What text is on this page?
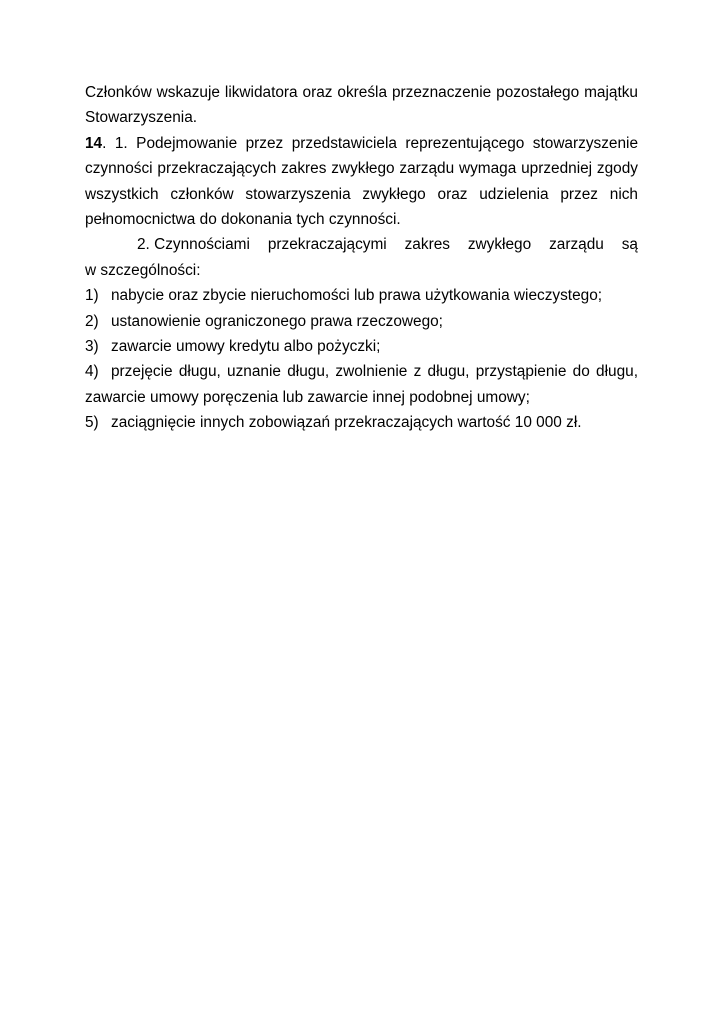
Członków wskazuje likwidatora oraz określa przeznaczenie pozostałego majątku
Stowarzyszenia.
14. 1. Podejmowanie przez przedstawiciela reprezentującego stowarzyszenie
czynności przekraczających zakres zwykłego zarządu wymaga uprzedniej zgody
wszystkich członków stowarzyszenia zwykłego oraz udzielenia przez nich
pełnomocnictwa do dokonania tych czynności.
2. Czynnościami przekraczającymi zakres zwykłego zarządu są
w szczególności:
1) nabycie oraz zbycie nieruchomości lub prawa użytkowania wieczystego;
2) ustanowienie ograniczonego prawa rzeczowego;
3) zawarcie umowy kredytu albo pożyczki;
4) przejęcie długu, uznanie długu, zwolnienie z długu, przystąpienie do długu,
zawarcie umowy poręczenia lub zawarcie innej podobnej umowy;
5) zaciągnięcie innych zobowiązań przekraczających wartość 10 000 zł.
